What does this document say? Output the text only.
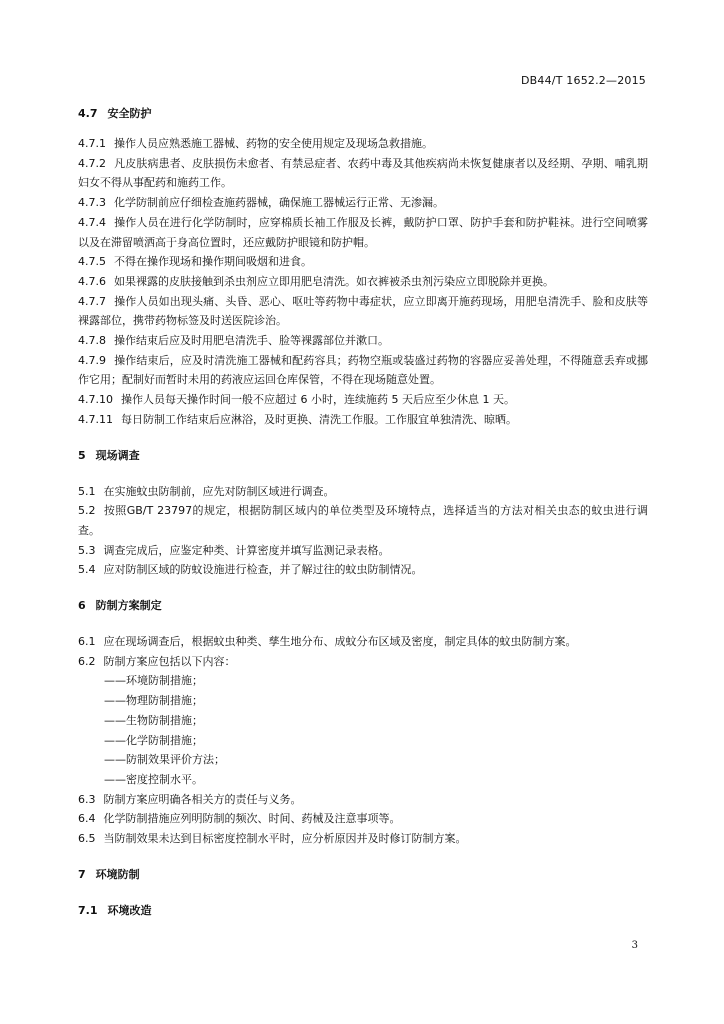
DB44/T 1652.2—2015

4.7 安全防护

4.7.1 操作人员应熟悉施工器械、药物的安全使用规定及现场急救措施。

4.7.2 凡皮肤病患者、皮肤损伤未愈者、有禁忌症者、农药中毒及其他疾病尚未恢复健康者以及经期、孕期、哺乳期妇女不得从事配药和施药工作。

4.7.3 化学防制前应仔细检查施药器械，确保施工器械运行正常、无渗漏。

4.7.4 操作人员在进行化学防制时，应穿棉质长袖工作服及长裤，戴防护口罩、防护手套和防护鞋袜。进行空间喷雾以及在滞留喷洒高于身高位置时，还应戴防护眼镜和防护帽。

4.7.5 不得在操作现场和操作期间吸烟和进食。

4.7.6 如果裸露的皮肤接触到杀虫剂应立即用肥皂清洗。如衣裤被杀虫剂污染应立即脱除并更换。

4.7.7 操作人员如出现头痛、头昏、恶心、呕吐等药物中毒症状，应立即离开施药现场，用肥皂清洗手、脸和皮肤等裸露部位，携带药物标签及时送医院诊治。

4.7.8 操作结束后应及时用肥皂清洗手、脸等裸露部位并漱口。

4.7.9 操作结束后，应及时清洗施工器械和配药容具；药物空瓶或装盛过药物的容器应妥善处理，不得随意丢弃或挪作它用；配制好而暂时未用的药液应运回仓库保管，不得在现场随意处置。

4.7.10 操作人员每天操作时间一般不应超过 6 小时，连续施药 5 天后应至少休息 1 天。

4.7.11 每日防制工作结束后应淋浴，及时更换、清洗工作服。工作服宜单独清洗、晾晒。

5 现场调查

5.1 在实施蚊虫防制前，应先对防制区域进行调查。

5.2 按照GB/T 23797的规定，根据防制区域内的单位类型及环境特点，选择适当的方法对相关虫态的蚊虫进行调查。

5.3 调查完成后，应鉴定种类、计算密度并填写监测记录表格。

5.4 应对防制区域的防蚊设施进行检查，并了解过往的蚊虫防制情况。

6 防制方案制定

6.1 应在现场调查后，根据蚊虫种类、孳生地分布、成蚊分布区域及密度，制定具体的蚊虫防制方案。

6.2 防制方案应包括以下内容：

——环境防制措施；

——物理防制措施；

——生物防制措施；

——化学防制措施；

——防制效果评价方法；

——密度控制水平。

6.3 防制方案应明确各相关方的责任与义务。

6.4 化学防制措施应列明防制的频次、时间、药械及注意事项等。

6.5 当防制效果未达到目标密度控制水平时，应分析原因并及时修订防制方案。

7 环境防制

7.1 环境改造

3
